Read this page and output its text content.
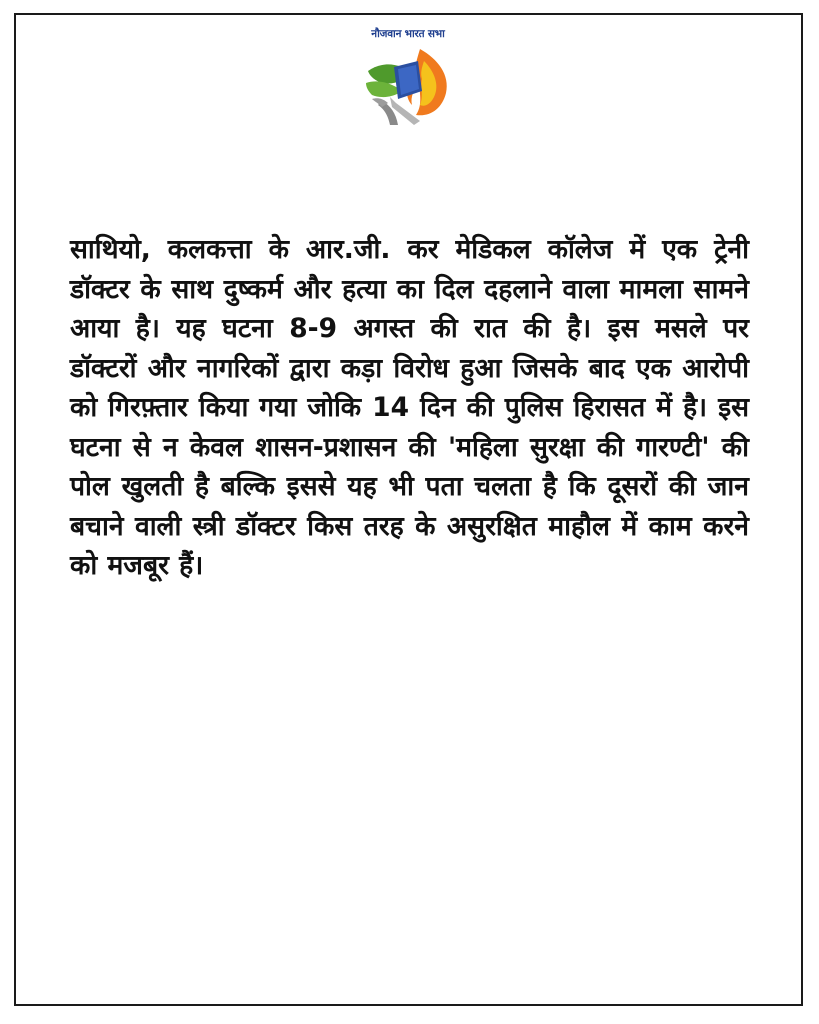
नौजवान भारत सभा

साथियो, कलकत्ता के आर.जी. कर मेडिकल कॉलेज में एक ट्रेनी डॉक्टर के साथ दुष्कर्म और हत्या का दिल दहलाने वाला मामला सामने आया है। यह घटना 8-9 अगस्त की रात की है। इस मसले पर डॉक्टरों और नागरिकों द्वारा कड़ा विरोध हुआ जिसके बाद एक आरोपी को गिरफ़्तार किया गया जोकि 14 दिन की पुलिस हिरासत में है। इस घटना से न केवल शासन-प्रशासन की 'महिला सुरक्षा की गारण्टी' की पोल खुलती है बल्कि इससे यह भी पता चलता है कि दूसरों की जान बचाने वाली स्त्री डॉक्टर किस तरह के असुरक्षित माहौल में काम करने को मजबूर हैं।
